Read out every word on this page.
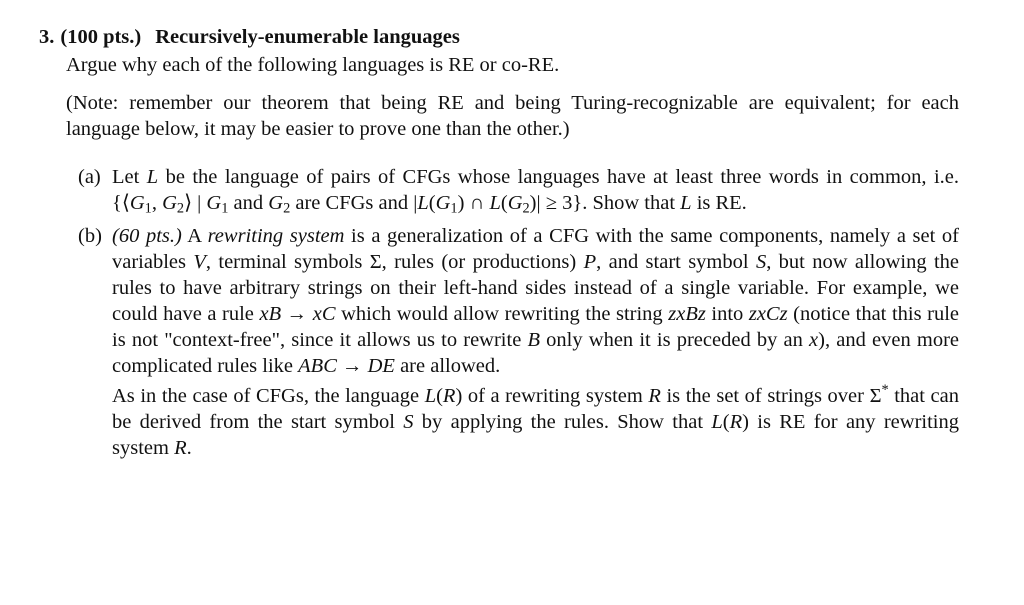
3. (100 pts.) Recursively-enumerable languages

Argue why each of the following languages is RE or co-RE.

(Note: remember our theorem that being RE and being Turing-recognizable are equivalent; for each language below, it may be easier to prove one than the other.)

(a) Let L be the language of pairs of CFGs whose languages have at least three words in common, i.e. {$⟨G_1$, $G_2⟩$ | $G_1$ and $G_2$ are CFGs and $|L(G_1)$ ∩ $L(G_2)| \ge 3$}. Show that L is RE.

(b) (60 pts.) A rewriting system is a generalization of a CFG with the same components, namely a set of variables V, terminal symbols Σ, rules (or productions) P, and start symbol S, but now allowing the rules to have arbitrary strings on their left-hand sides instead of a single variable. For example, we could have a rule xB → xC which would allow rewriting the string zxBz into zxCz (notice that this rule is not "context-free", since it allows us to rewrite B only when it is preceded by an x), and even more complicated rules like ABC → DE are allowed.

As in the case of CFGs, the language L(R) of a rewriting system R is the set of strings over Σ* that can be derived from the start symbol S by applying the rules. Show that L(R) is RE for any rewriting system R.
